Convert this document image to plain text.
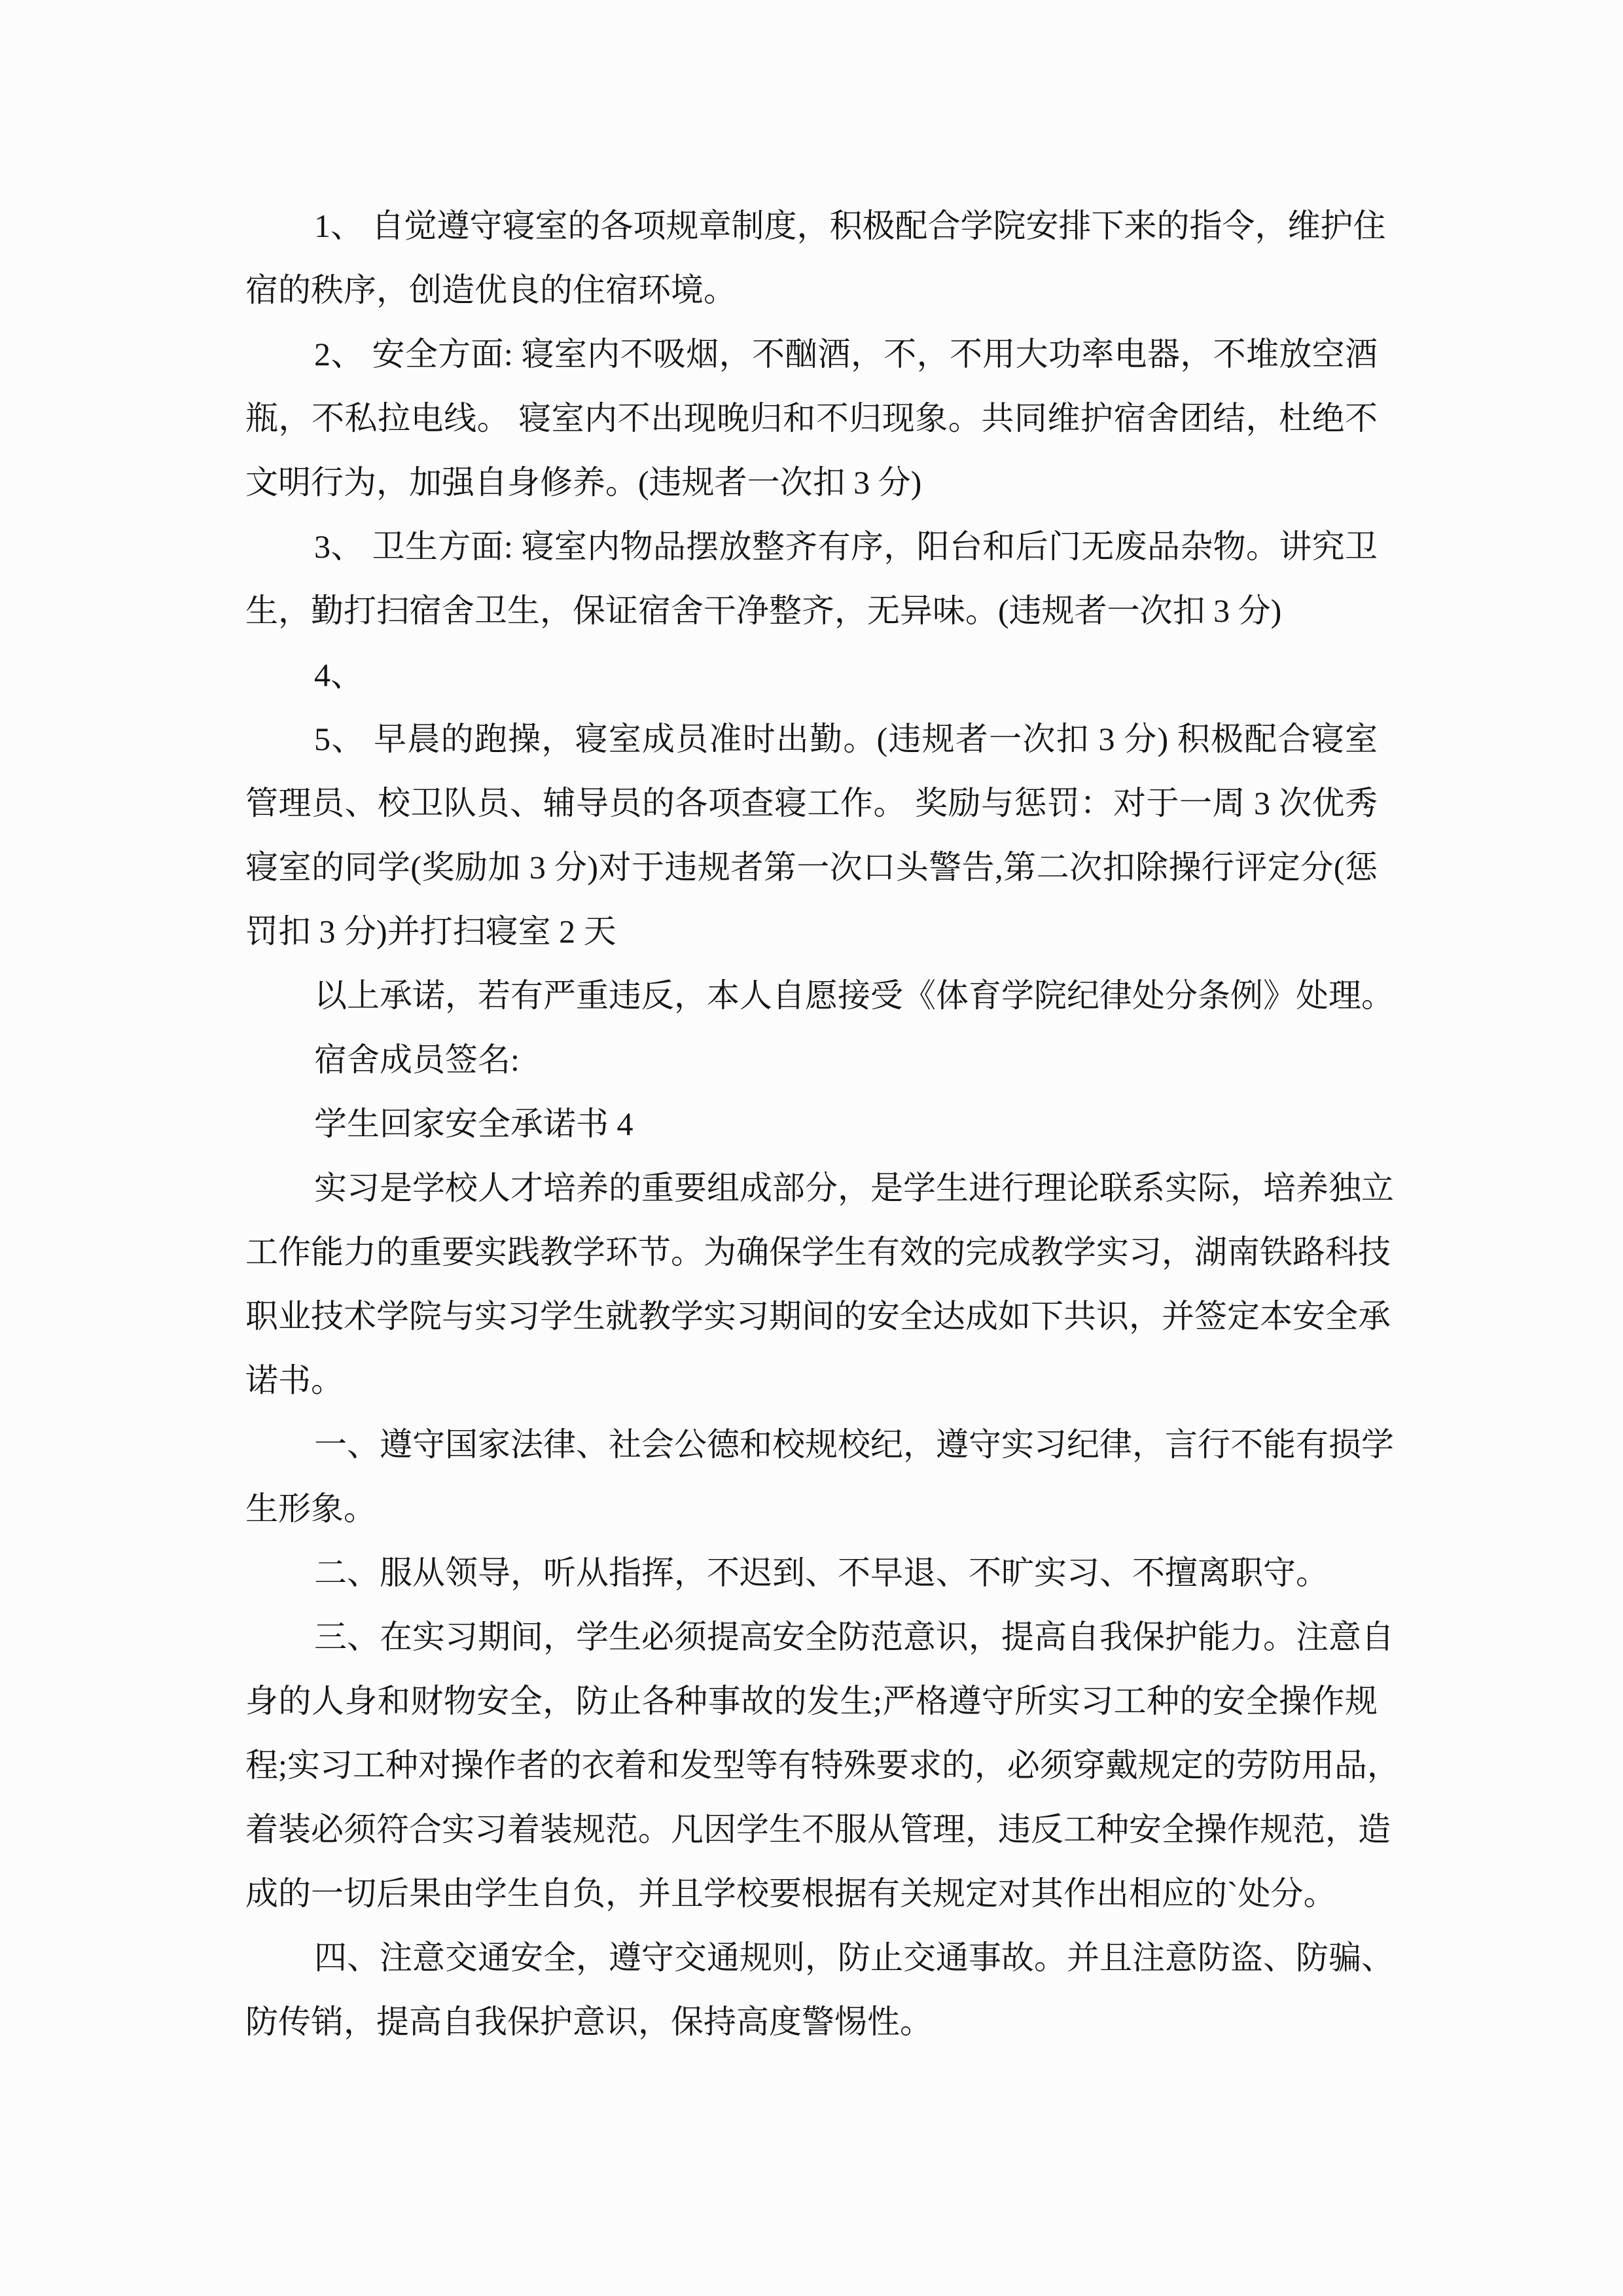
1、 自觉遵守寝室的各项规章制度，积极配合学院安排下来的指令，维护住
宿的秩序，创造优良的住宿环境。
2、 安全方面: 寝室内不吸烟，不酗酒，不，不用大功率电器，不堆放空酒
瓶，不私拉电线。 寝室内不出现晚归和不归现象。共同维护宿舍团结，杜绝不
文明行为，加强自身修养。(违规者一次扣 3 分)
3、 卫生方面: 寝室内物品摆放整齐有序，阳台和后门无废品杂物。讲究卫
生，勤打扫宿舍卫生，保证宿舍干净整齐，无异味。(违规者一次扣 3 分)
4、
5、 早晨的跑操，寝室成员准时出勤。(违规者一次扣 3 分) 积极配合寝室
管理员、校卫队员、辅导员的各项查寝工作。 奖励与惩罚：对于一周 3 次优秀
寝室的同学(奖励加 3 分)对于违规者第一次口头警告,第二次扣除操行评定分(惩
罚扣 3 分)并打扫寝室 2 天
以上承诺，若有严重违反，本人自愿接受《体育学院纪律处分条例》处理。
宿舍成员签名:
学生回家安全承诺书 4
实习是学校人才培养的重要组成部分，是学生进行理论联系实际，培养独立
工作能力的重要实践教学环节。为确保学生有效的完成教学实习，湖南铁路科技
职业技术学院与实习学生就教学实习期间的安全达成如下共识，并签定本安全承
诺书。
一、遵守国家法律、社会公德和校规校纪，遵守实习纪律，言行不能有损学
生形象。
二、服从领导，听从指挥，不迟到、不早退、不旷实习、不擅离职守。
三、在实习期间，学生必须提高安全防范意识，提高自我保护能力。注意自
身的人身和财物安全，防止各种事故的发生;严格遵守所实习工种的安全操作规
程;实习工种对操作者的衣着和发型等有特殊要求的，必须穿戴规定的劳防用品，
着装必须符合实习着装规范。凡因学生不服从管理，违反工种安全操作规范，造
成的一切后果由学生自负，并且学校要根据有关规定对其作出相应的`处分。
四、注意交通安全，遵守交通规则，防止交通事故。并且注意防盗、防骗、
防传销，提高自我保护意识，保持高度警惕性。
